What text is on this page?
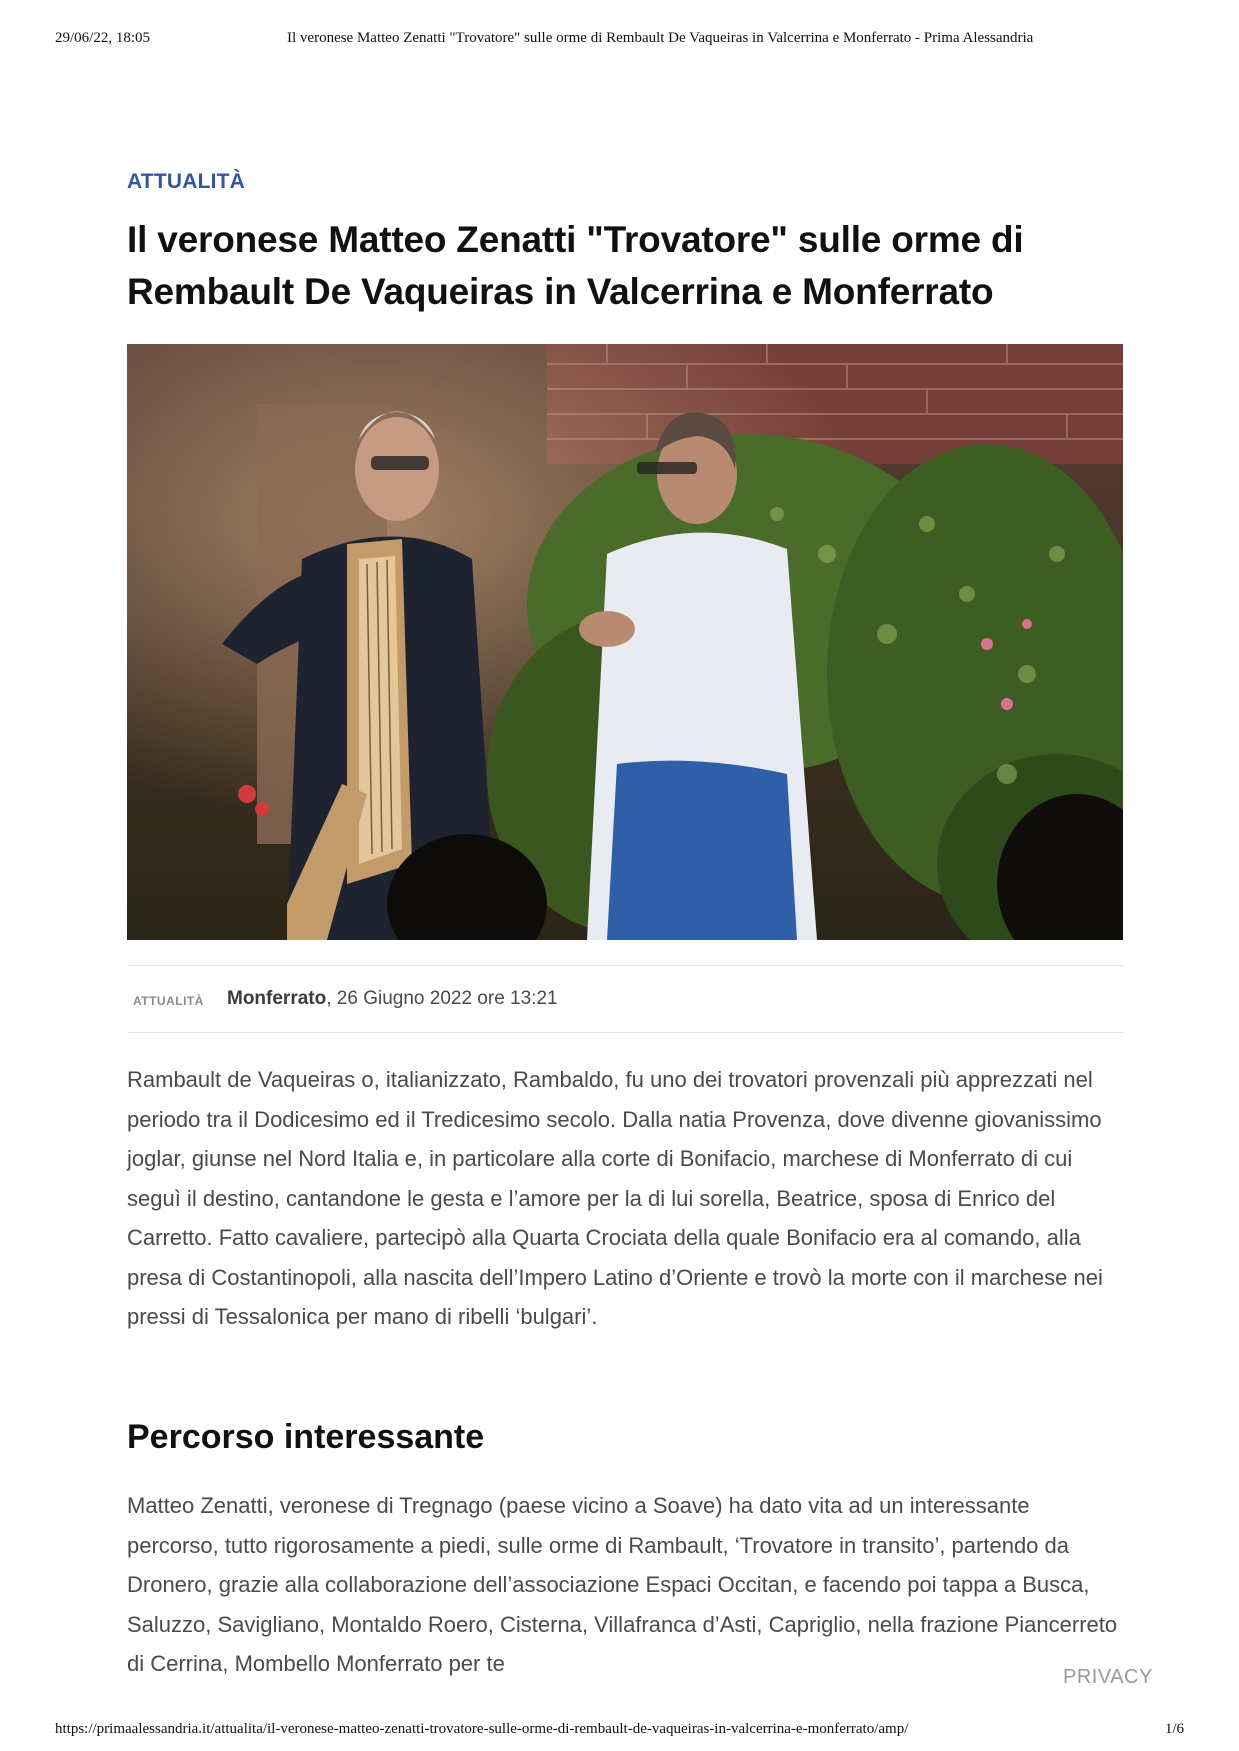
29/06/22, 18:05	Il veronese Matteo Zenatti "Trovatore" sulle orme di Rembault De Vaqueiras in Valcerrina e Monferrato - Prima Alessandria
ATTUALITÀ
Il veronese Matteo Zenatti "Trovatore" sulle orme di
Rembault De Vaqueiras in Valcerrina e Monferrato
ATTUALITÀ Monferrato, 26 Giugno 2022 ore 13:21

Rambault de Vaqueiras o, italianizzato, Rambaldo, fu uno dei trovatori provenzali più apprezzati nel periodo tra il Dodicesimo ed il Tredicesimo secolo. Dalla natia Provenza, dove divenne giovanissimo joglar, giunse nel Nord Italia e, in particolare alla corte di Bonifacio, marchese di Monferrato di cui seguì il destino, cantandone le gesta e l’amore per la di lui sorella, Beatrice, sposa di Enrico del Carretto. Fatto cavaliere, partecipò alla Quarta Crociata della quale Bonifacio era al comando, alla presa di Costantinopoli, alla nascita dell’Impero Latino d’Oriente e trovò la morte con il marchese nei pressi di Tessalonica per mano di ribelli ‘bulgari’.

Percorso interessante

Matteo Zenatti, veronese di Tregnago (paese vicino a Soave) ha dato vita ad un interessante percorso, tutto rigorosamente a piedi, sulle orme di Rambault, ‘Trovatore in transito’, partendo da Dronero, grazie alla collaborazione dell’associazione Espaci Occitan, e facendo poi tappa a Busca, Saluzzo, Savigliano, Montaldo Roero, Cisterna, Villafranca d’Asti, Capriglio, nella frazione Piancerreto di Cerrina, Mombello Monferrato per te

PRIVACY
https://primaalessandria.it/attualita/il-veronese-matteo-zenatti-trovatore-sulle-orme-di-rembault-de-vaqueiras-in-valcerrina-e-monferrato/amp/	1/6
